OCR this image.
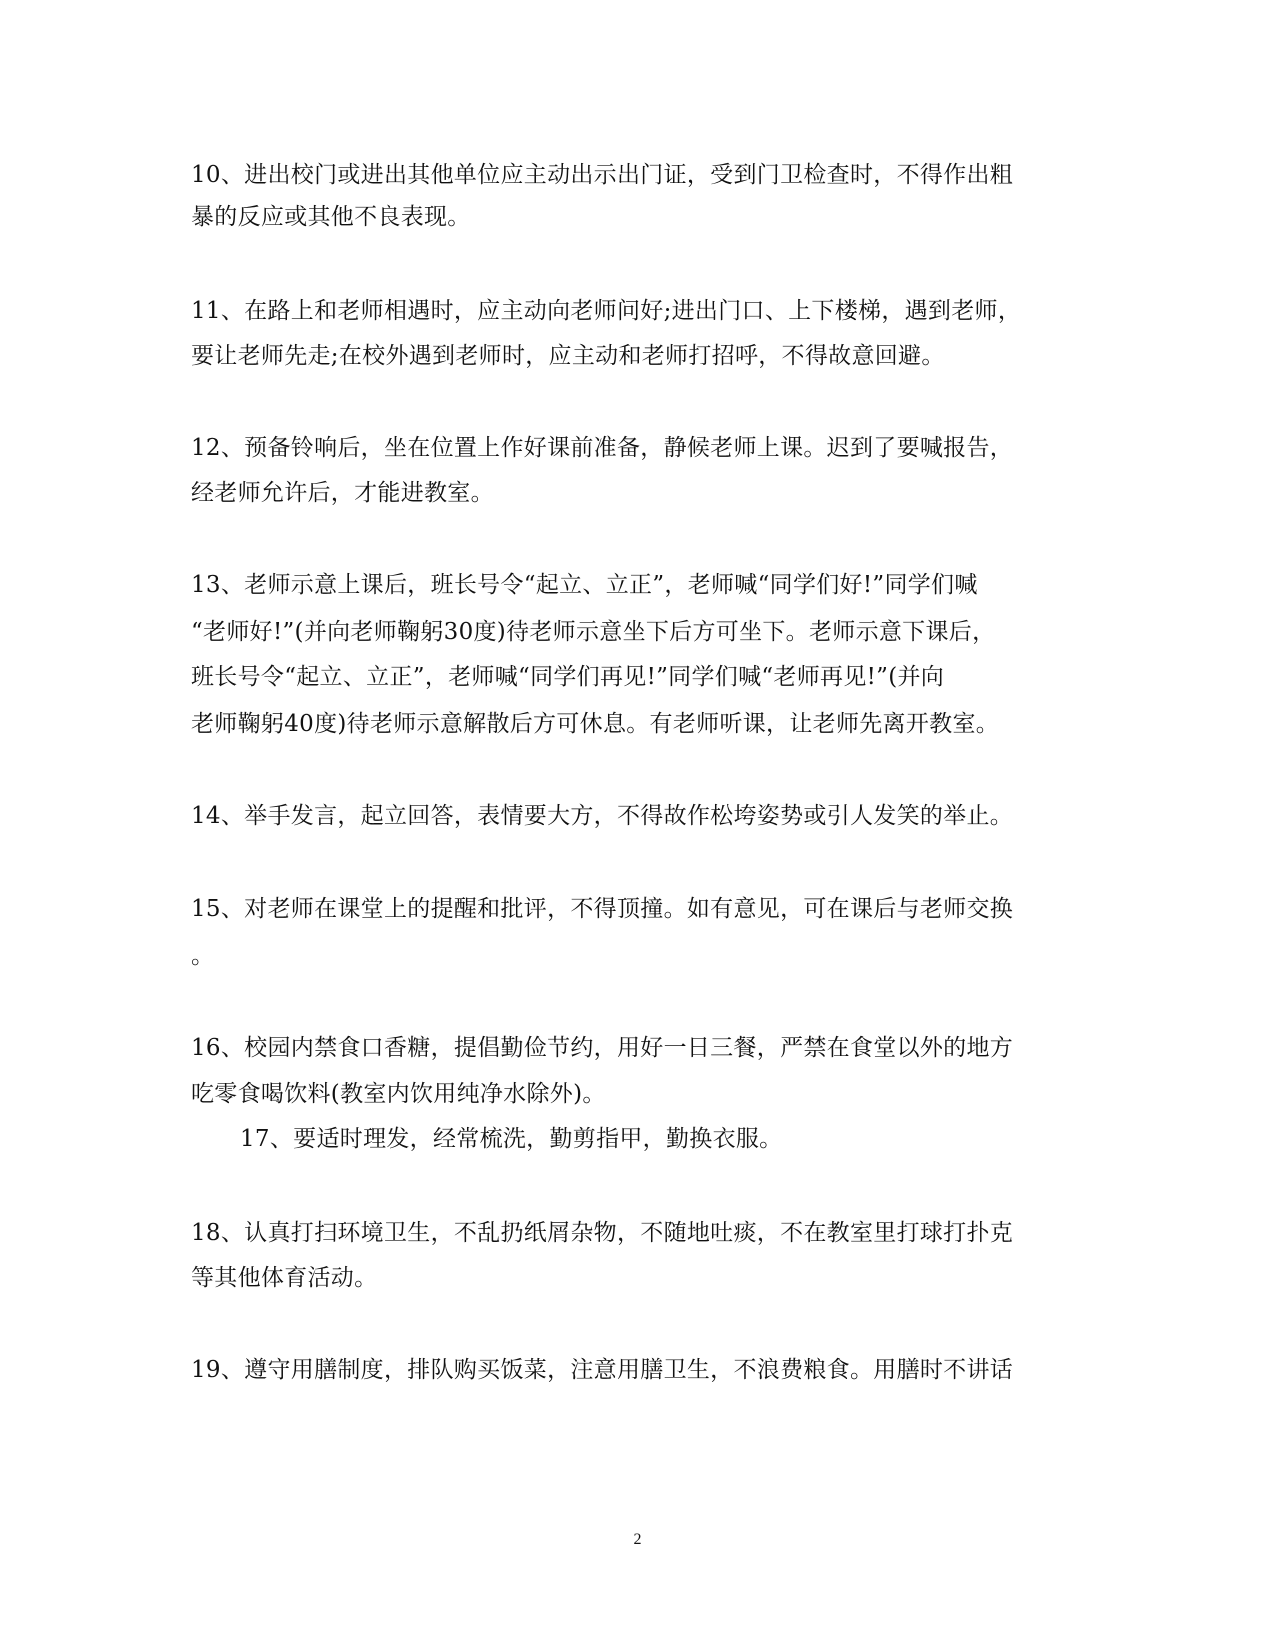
10、进出校门或进出其他单位应主动出示出门证，受到门卫检查时，不得作出粗
暴的反应或其他不良表现。
11、在路上和老师相遇时，应主动向老师问好;进出门口、上下楼梯，遇到老师，
要让老师先走;在校外遇到老师时，应主动和老师打招呼，不得故意回避。
12、预备铃响后，坐在位置上作好课前准备，静候老师上课。迟到了要喊报告，
经老师允许后，才能进教室。
13、老师示意上课后，班长号令“起立、立正”，老师喊“同学们好!”同学们喊
“老师好!”(并向老师鞠躬30度)待老师示意坐下后方可坐下。老师示意下课后，
班长号令“起立、立正”，老师喊“同学们再见!”同学们喊“老师再见!”(并向
老师鞠躬40度)待老师示意解散后方可休息。有老师听课，让老师先离开教室。
14、举手发言，起立回答，表情要大方，不得故作松垮姿势或引人发笑的举止。
15、对老师在课堂上的提醒和批评，不得顶撞。如有意见，可在课后与老师交换
。
16、校园内禁食口香糖，提倡勤俭节约，用好一日三餐，严禁在食堂以外的地方
吃零食喝饮料(教室内饮用纯净水除外)。
17、要适时理发，经常梳洗，勤剪指甲，勤换衣服。
18、认真打扫环境卫生，不乱扔纸屑杂物，不随地吐痰，不在教室里打球打扑克
等其他体育活动。
19、遵守用膳制度，排队购买饭菜，注意用膳卫生，不浪费粮食。用膳时不讲话
2
